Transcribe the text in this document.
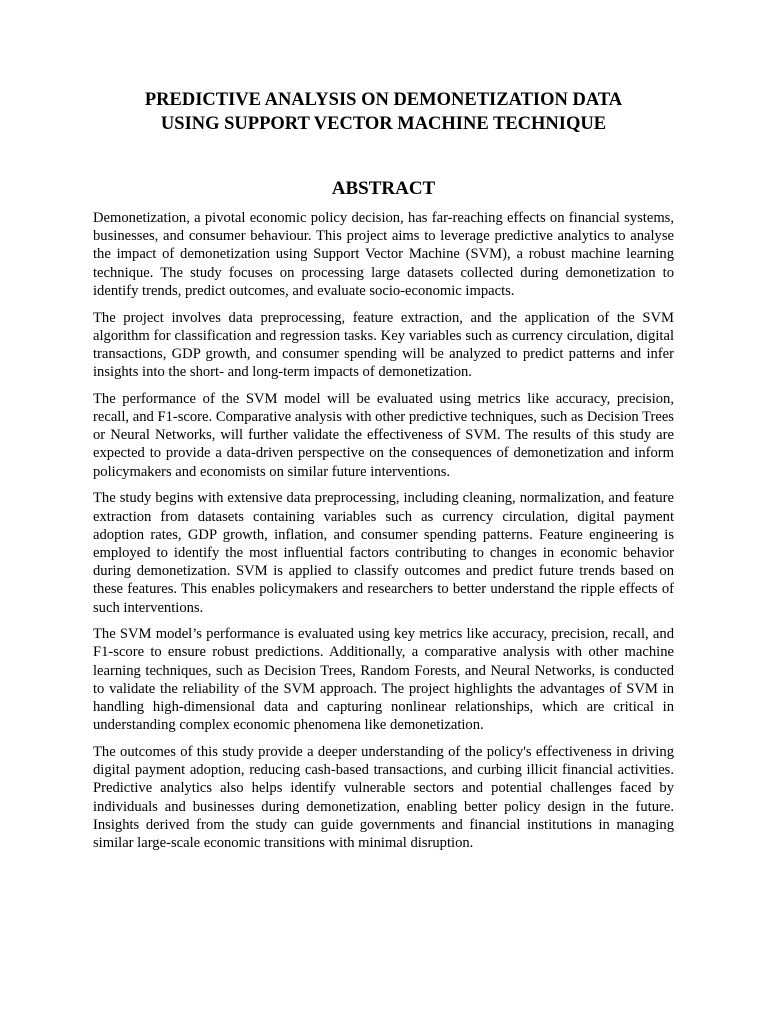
PREDICTIVE ANALYSIS ON DEMONETIZATION DATA
USING SUPPORT VECTOR MACHINE TECHNIQUE
ABSTRACT

Demonetization, a pivotal economic policy decision, has far-reaching effects on financial systems, businesses, and consumer behaviour. This project aims to leverage predictive analytics to analyse the impact of demonetization using Support Vector Machine (SVM), a robust machine learning technique. The study focuses on processing large datasets collected during demonetization to identify trends, predict outcomes, and evaluate socio-economic impacts.

The project involves data preprocessing, feature extraction, and the application of the SVM algorithm for classification and regression tasks. Key variables such as currency circulation, digital transactions, GDP growth, and consumer spending will be analyzed to predict patterns and infer insights into the short- and long-term impacts of demonetization.

The performance of the SVM model will be evaluated using metrics like accuracy, precision, recall, and F1-score. Comparative analysis with other predictive techniques, such as Decision Trees or Neural Networks, will further validate the effectiveness of SVM. The results of this study are expected to provide a data-driven perspective on the consequences of demonetization and inform policymakers and economists on similar future interventions.

The study begins with extensive data preprocessing, including cleaning, normalization, and feature extraction from datasets containing variables such as currency circulation, digital payment adoption rates, GDP growth, inflation, and consumer spending patterns. Feature engineering is employed to identify the most influential factors contributing to changes in economic behavior during demonetization. SVM is applied to classify outcomes and predict future trends based on these features. This enables policymakers and researchers to better understand the ripple effects of such interventions.

The SVM model’s performance is evaluated using key metrics like accuracy, precision, recall, and F1-score to ensure robust predictions. Additionally, a comparative analysis with other machine learning techniques, such as Decision Trees, Random Forests, and Neural Networks, is conducted to validate the reliability of the SVM approach. The project highlights the advantages of SVM in handling high-dimensional data and capturing nonlinear relationships, which are critical in understanding complex economic phenomena like demonetization.

The outcomes of this study provide a deeper understanding of the policy's effectiveness in driving digital payment adoption, reducing cash-based transactions, and curbing illicit financial activities. Predictive analytics also helps identify vulnerable sectors and potential challenges faced by individuals and businesses during demonetization, enabling better policy design in the future. Insights derived from the study can guide governments and financial institutions in managing similar large-scale economic transitions with minimal disruption.
